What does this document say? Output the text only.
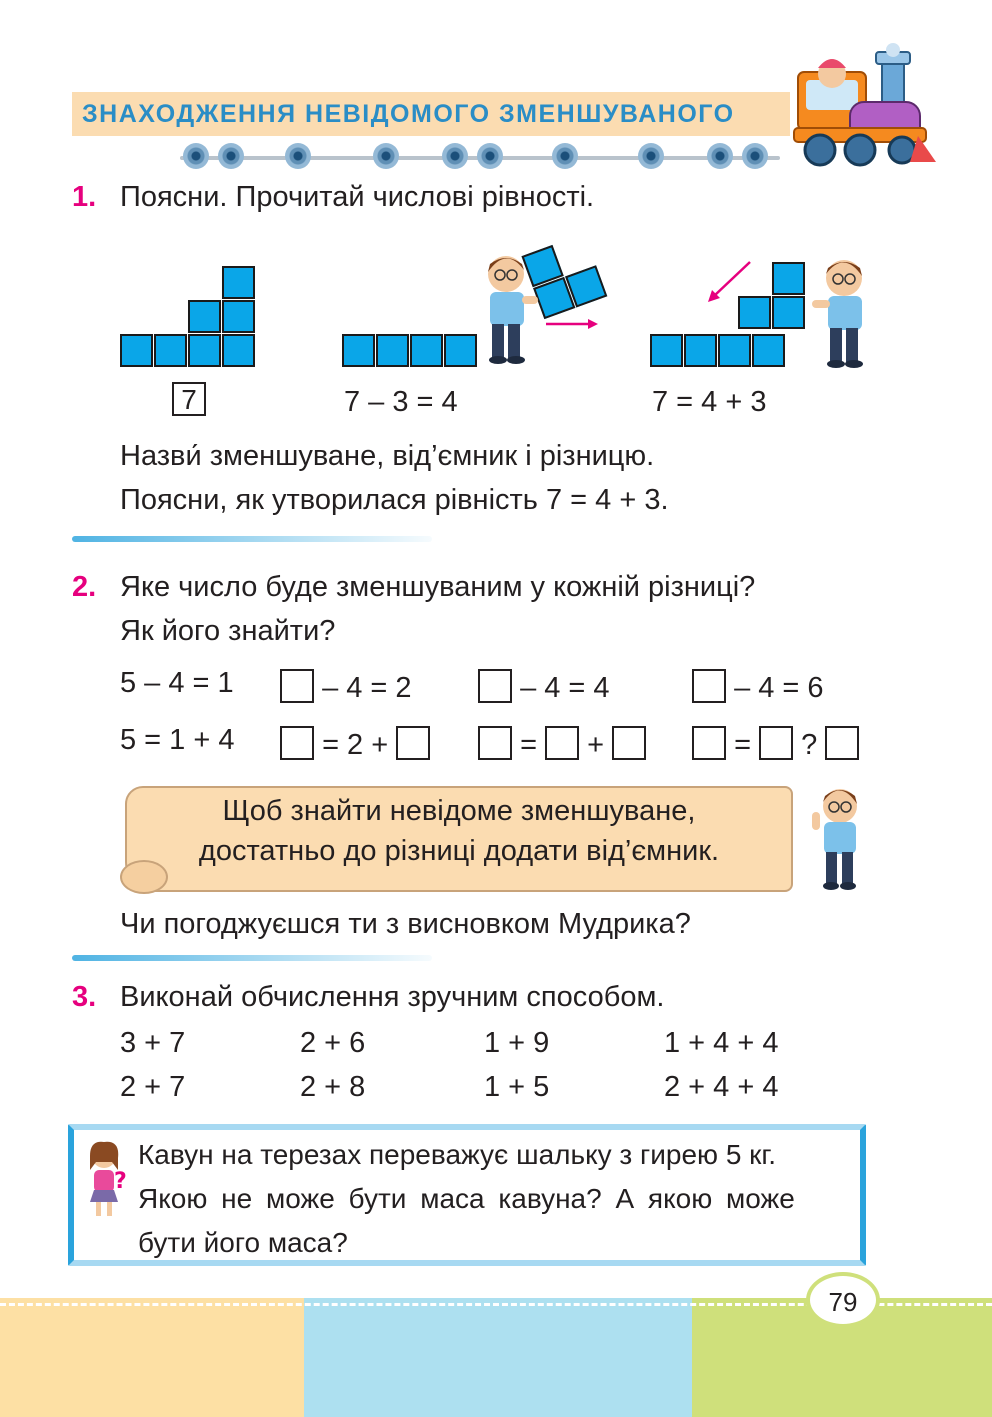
ЗНАХОДЖЕННЯ НЕВІДОМОГО ЗМЕНШУВАНОГО
1. Поясни. Прочитай числові рівності.
7	7 – 3 = 4	7 = 4 + 3
Назви́ зменшуване, від’ємник і різницю.
Поясни, як утворилася рівність 7 = 4 + 3.
2. Яке число буде зменшуваним у кожній різниці?
Як його знайти?
5 – 4 = 1	– 4 = 2	– 4 = 4	– 4 = 6
5 = 1 + 4	= 2 +	= +	= ?
Щоб знайти невідоме зменшуване,
достатньо до різниці додати від’ємник.
Чи погоджуєшся ти з висновком Мудрика?
3. Виконай обчислення зручним способом.
3 + 7	2 + 6	1 + 9	1 + 4 + 4
2 + 7	2 + 8	1 + 5	2 + 4 + 4
?
Кавун на терезах переважує шальку з гирею 5 кг.
Якою не може бути маса кавуна? А якою може
бути його маса?
79
